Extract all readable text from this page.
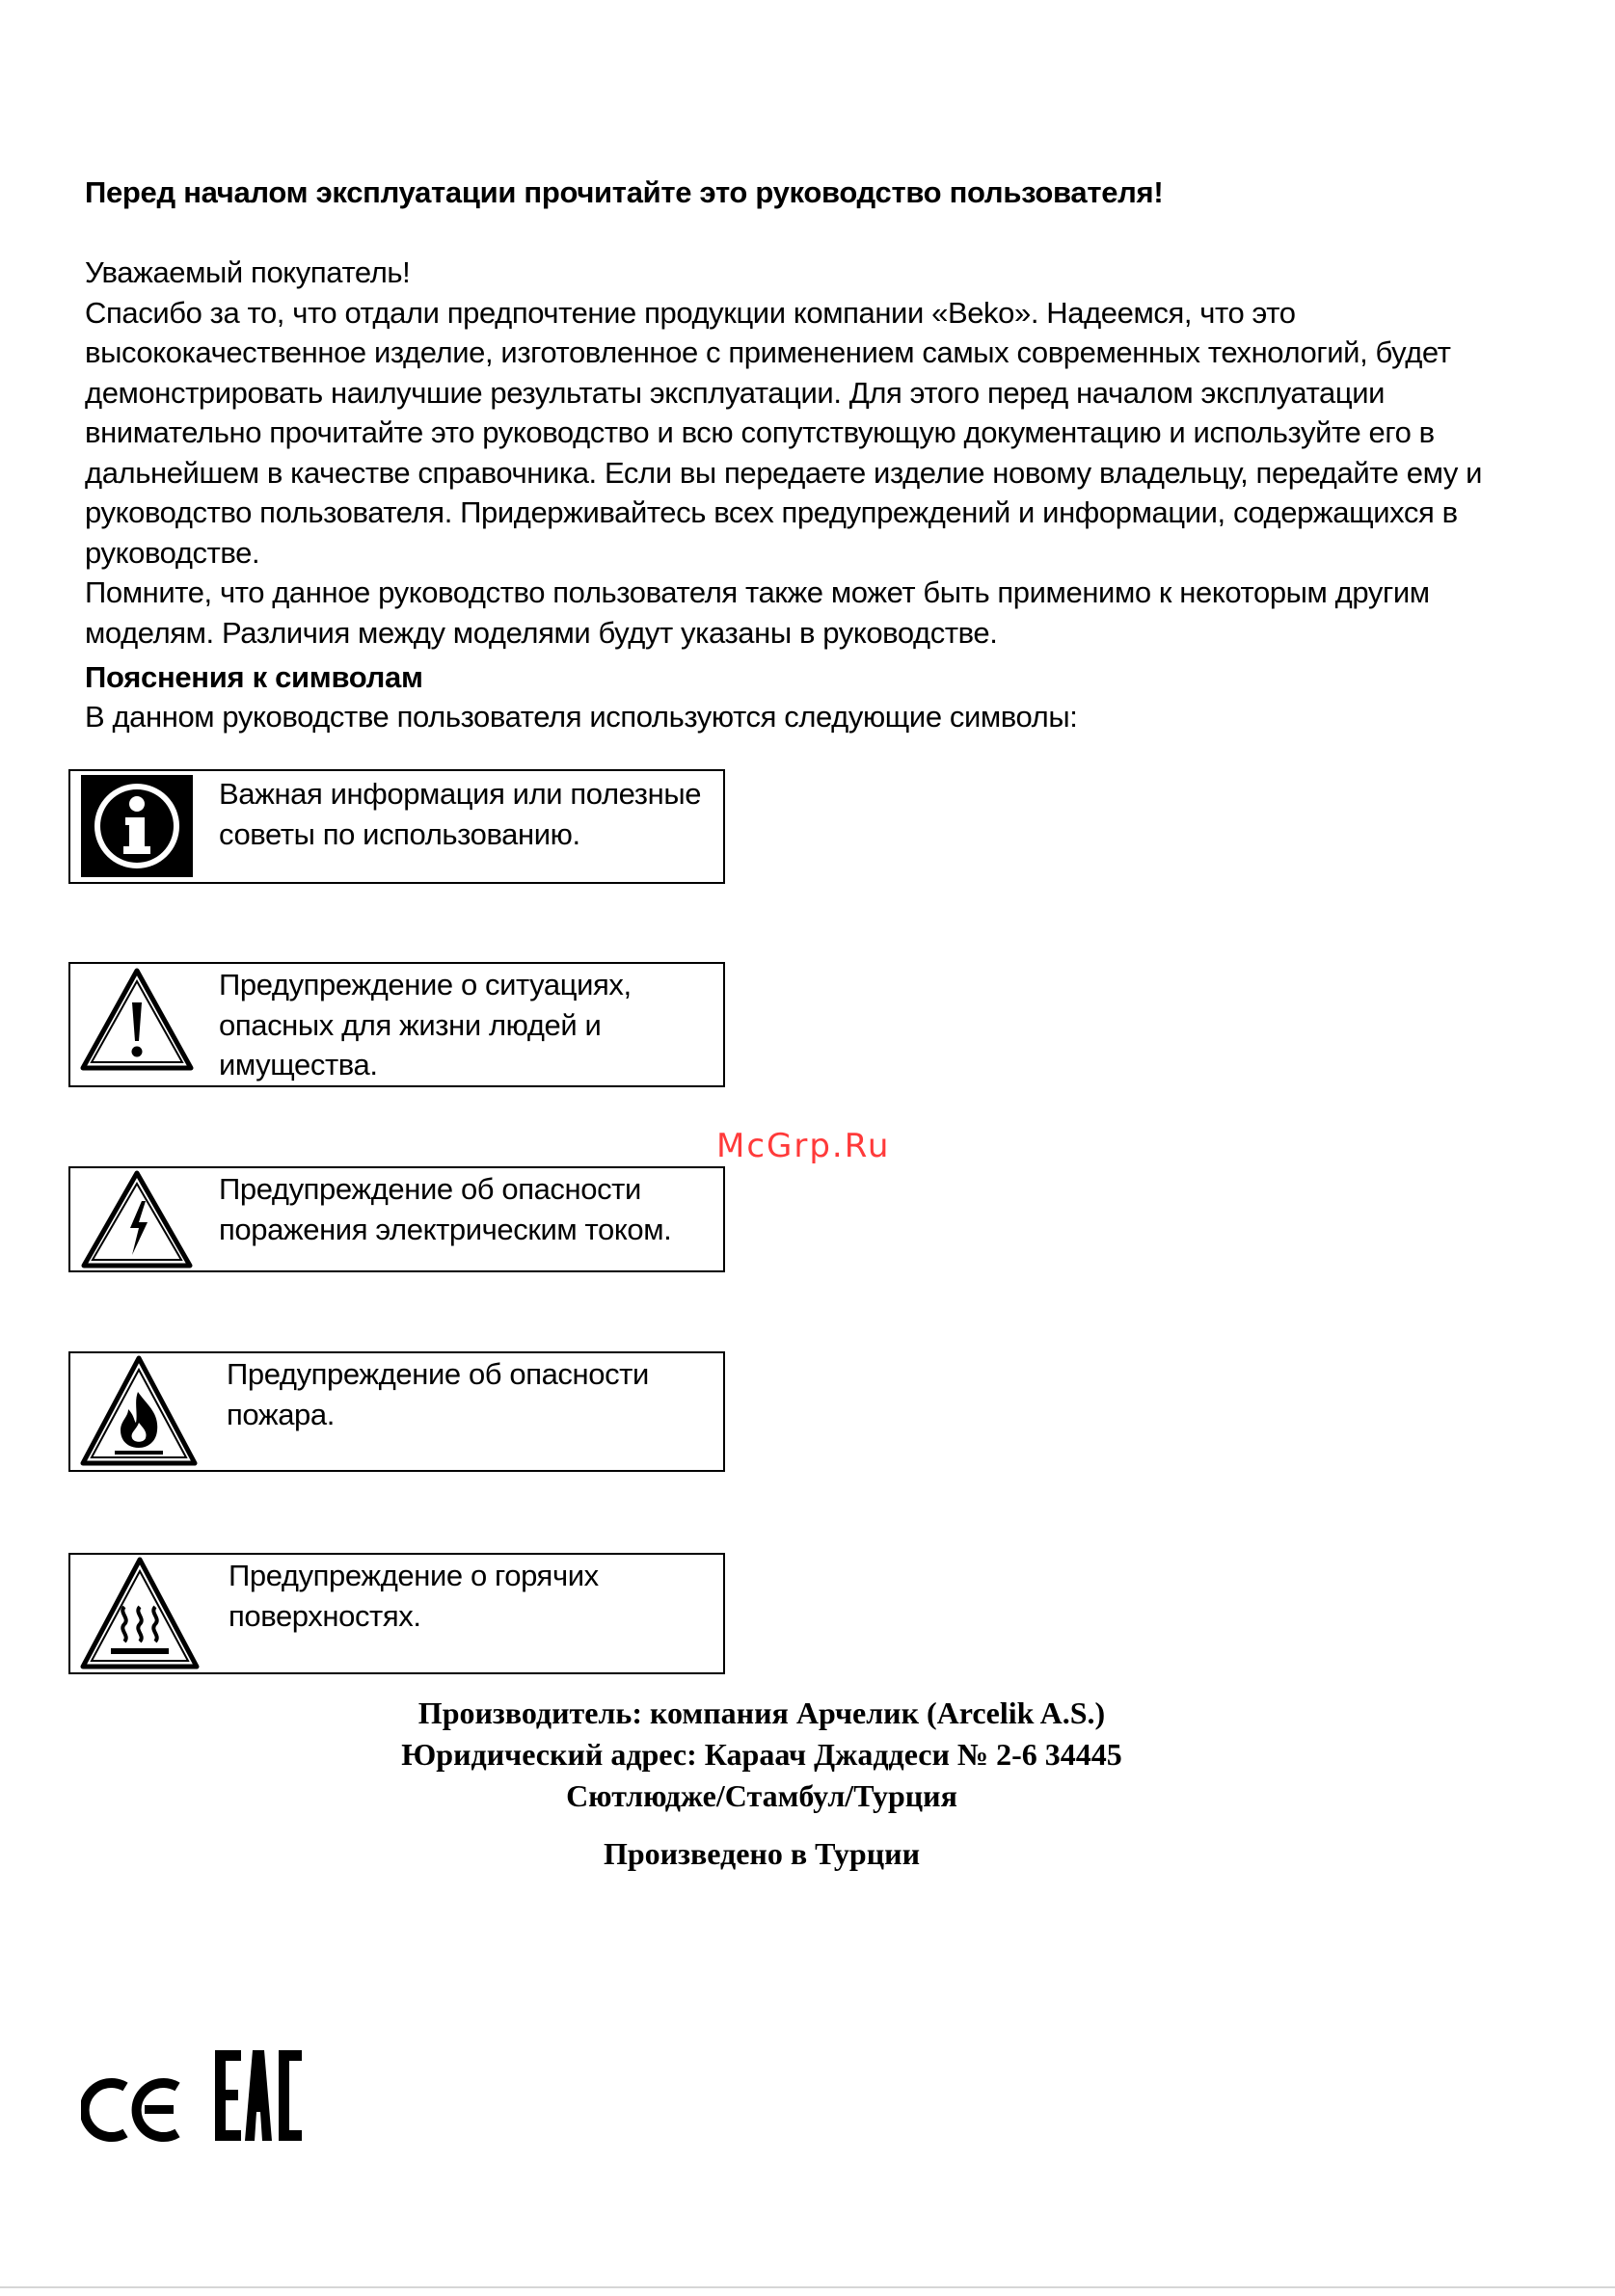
Перед началом эксплуатации прочитайте это руководство пользователя!

Уважаемый покупатель!

Спасибо за то, что отдали предпочтение продукции компании «Beko». Надеемся, что это высококачественное изделие, изготовленное с применением самых современных технологий, будет демонстрировать наилучшие результаты эксплуатации. Для этого перед началом эксплуатации внимательно прочитайте это руководство и всю сопутствующую документацию и используйте его в дальнейшем в качестве справочника. Если вы передаете изделие новому владельцу, передайте ему и руководство пользователя. Придерживайтесь всех предупреждений и информации, содержащихся в руководстве.

Помните, что данное руководство пользователя также может быть применимо к некоторым другим моделям. Различия между моделями будут указаны в руководстве.

Пояснения к символам
В данном руководстве пользователя используются следующие символы:
Важная информация или полезные советы по использованию.
Предупреждение о ситуациях, опасных для жизни людей и имущества.
Предупреждение об опасности поражения электрическим током.
Предупреждение об опасности пожара.
Предупреждение о горячих поверхностях.
McGrp.Ru
Производитель: компания Арчелик (Arcelik A.S.)
Юридический адрес: Караач Джаддеси № 2-6 34445
Сютлюдже/Стамбул/Турция
Произведено в Турции
